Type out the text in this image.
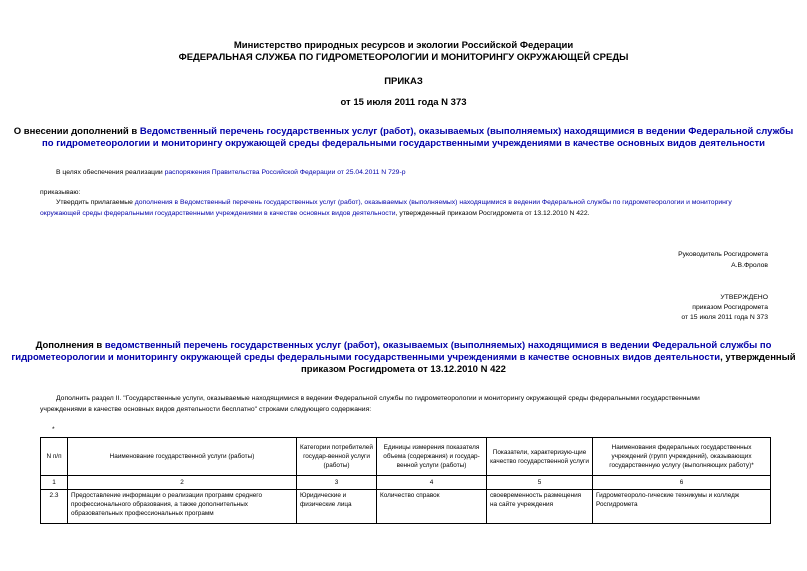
Министерство природных ресурсов и экологии Российской Федерации
ФЕДЕРАЛЬНАЯ СЛУЖБА ПО ГИДРОМЕТЕОРОЛОГИИ И МОНИТОРИНГУ ОКРУЖАЮЩЕЙ СРЕДЫ
ПРИКАЗ
от 15 июля 2011 года N 373
О внесении дополнений в Ведомственный перечень государственных услуг (работ), оказываемых (выполняемых) находящимися в ведении Федеральной службы
по гидрометеорологии и мониторингу окружающей среды федеральными государственными учреждениями в качестве основных видов деятельности
В целях обеспечения реализации распоряжения Правительства Российской Федерации от 25.04.2011 N 729-р
приказываю:
Утвердить прилагаемые дополнения в Ведомственный перечень государственных услуг (работ), оказываемых (выполняемых) находящимися в ведении Федеральной службы по гидрометеорологии и мониторингу
окружающей среды федеральными государственными учреждениями в качестве основных видов деятельности, утвержденный приказом Росгидромета от 13.12.2010 N 422.
Руководитель Росгидромета
А.В.Фролов
УТВЕРЖДЕНО
приказом Росгидромета
от 15 июля 2011 года N 373
Дополнения в ведомственный перечень государственных услуг (работ), оказываемых (выполняемых) находящимися в ведении Федеральной службы по
гидрометеорологии и мониторингу окружающей среды федеральными государственными учреждениями в качестве основных видов деятельности, утвержденный
приказом Росгидромета от 13.12.2010 N 422
Дополнить раздел II. "Государственные услуги, оказываемые находящимися в ведении Федеральной службы по гидрометеорологии и мониторингу окружающей среды федеральными государственными
учреждениями в качестве основных видов деятельности бесплатно" строками следующего содержания:
*
N п/п	Наименование государственной услуги (работы)	Категории потребителей государ-венной услуги (работы)	Единицы измерения показателя объема (содержания) и государ-венной услуги (работы)	Показатели, характеризую-щие качество государственной услуги	Наименования федеральных государственных учреждений (групп учреждений), оказывающих государственную услугу (выполняющих работу)*
1	2	3	4	5	6
2.3	Предоставление информации о реализации программ среднего профессионального образования, а также дополнительных образовательных профессиональных программ	Юридические и физические лица	Количество справок	своевременность размещения на сайте учреждения	Гидрометеороло-гические техникумы и колледж Росгидромета
